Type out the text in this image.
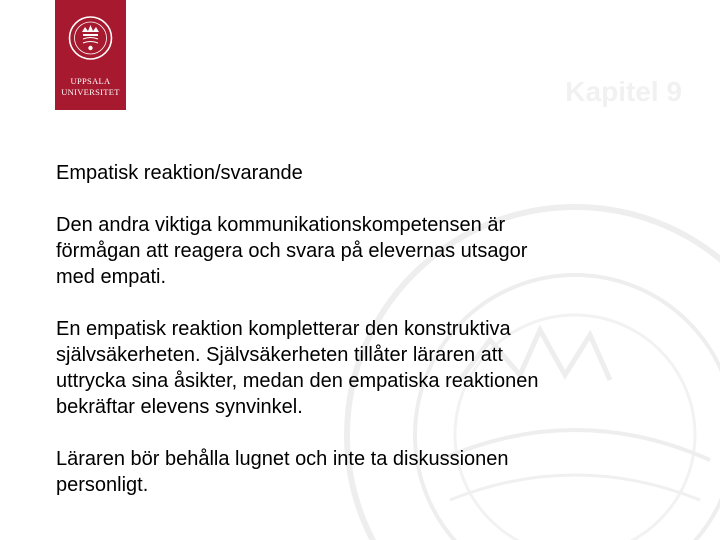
UPPSALA
UNIVERSITET	Kapitel 9
Empatisk reaktion/svarande
Den andra viktiga kommunikationskompetensen är
förmågan att reagera och svara på elevernas utsagor
med empati.
En empatisk reaktion kompletterar den konstruktiva
självsäkerheten. Självsäkerheten tillåter läraren att
uttrycka sina åsikter, medan den empatiska reaktionen
bekräftar elevens synvinkel.
Läraren bör behålla lugnet och inte ta diskussionen
personligt.
